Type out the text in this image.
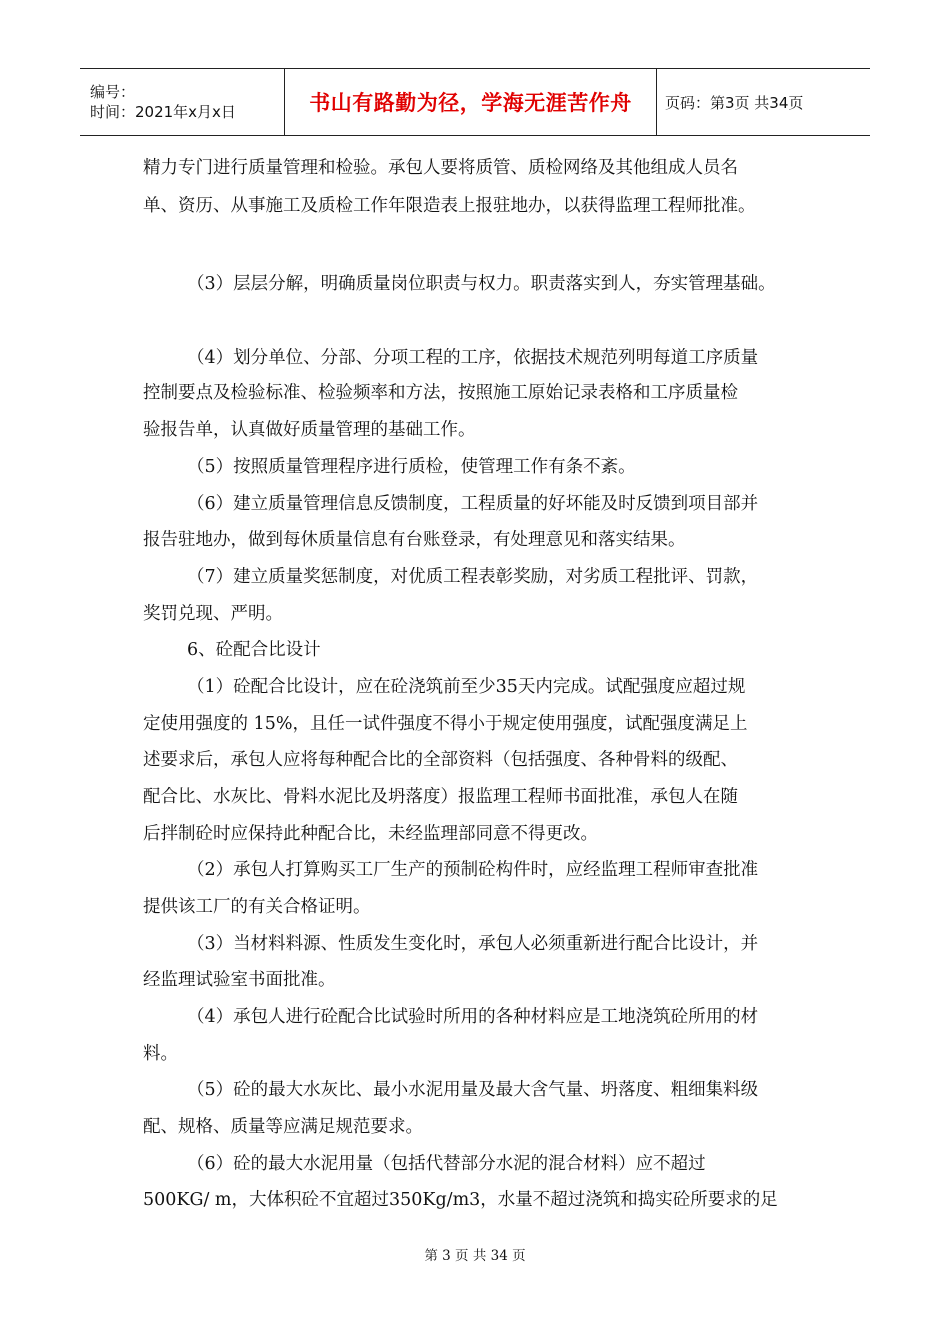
编号：
时间：2021年x月x日	书山有路勤为径，学海无涯苦作舟 页码：第3页 共34页

精力专门进行质量管理和检验。承包人要将质管、质检网络及其他组成人员名

单、资历、从事施工及质检工作年限造表上报驻地办，以获得监理工程师批准。

（3）层层分解，明确质量岗位职责与权力。职责落实到人，夯实管理基础。

（4）划分单位、分部、分项工程的工序，依据技术规范列明每道工序质量

控制要点及检验标准、检验频率和方法，按照施工原始记录表格和工序质量检

验报告单，认真做好质量管理的基础工作。

（5）按照质量管理程序进行质检，使管理工作有条不紊。

（6）建立质量管理信息反馈制度，工程质量的好坏能及时反馈到项目部并

报告驻地办，做到每休质量信息有台账登录，有处理意见和落实结果。

（7）建立质量奖惩制度，对优质工程表彰奖励，对劣质工程批评、罚款，

奖罚兑现、严明。

6、砼配合比设计

（1）砼配合比设计，应在砼浇筑前至少35天内完成。试配强度应超过规

定使用强度的 15%，且任一试件强度不得小于规定使用强度，试配强度满足上

述要求后，承包人应将每种配合比的全部资料（包括强度、各种骨料的级配、

配合比、水灰比、骨料水泥比及坍落度）报监理工程师书面批准，承包人在随

后拌制砼时应保持此种配合比，未经监理部同意不得更改。

（2）承包人打算购买工厂生产的预制砼构件时，应经监理工程师审查批准

提供该工厂的有关合格证明。

（3）当材料料源、性质发生变化时，承包人必须重新进行配合比设计，并

经监理试验室书面批准。

（4）承包人进行砼配合比试验时所用的各种材料应是工地浇筑砼所用的材

料。

（5）砼的最大水灰比、最小水泥用量及最大含气量、坍落度、粗细集料级

配、规格、质量等应满足规范要求。

（6）砼的最大水泥用量（包括代替部分水泥的混合材料）应不超过

500KG/ m，大体积砼不宜超过350Kg/m3，水量不超过浇筑和捣实砼所要求的足

第 3 页 共 34 页
